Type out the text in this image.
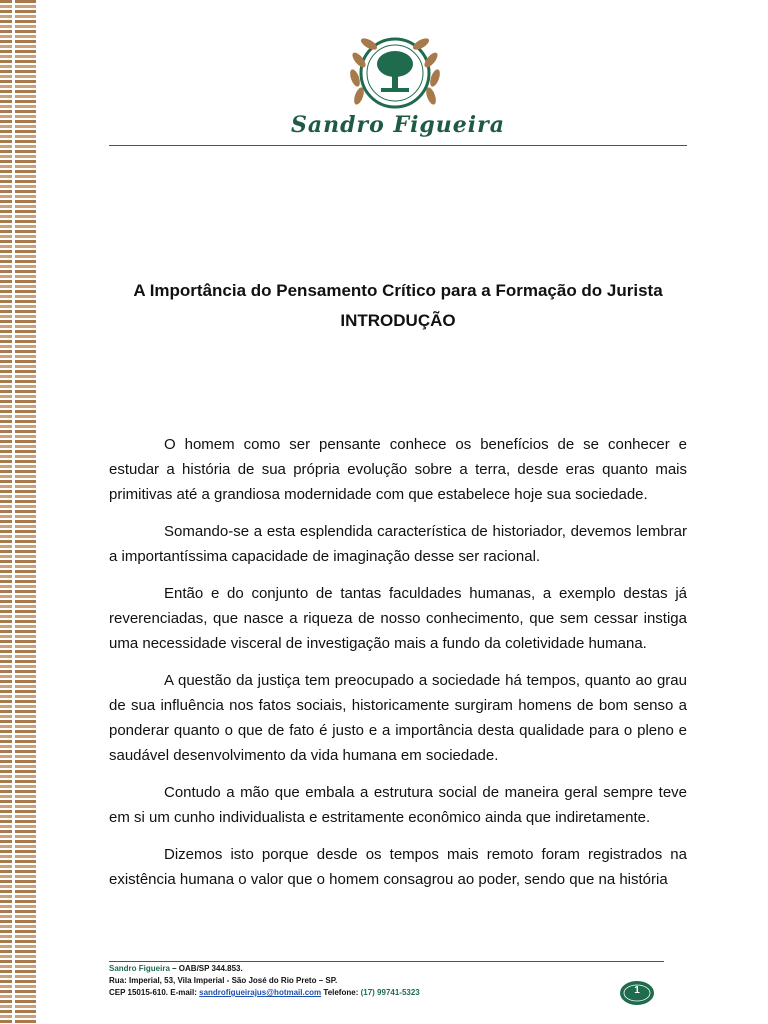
Sandro Figueira
A Importância do Pensamento Crítico para a Formação do Jurista
INTRODUÇÃO

O homem como ser pensante conhece os benefícios de se conhecer e estudar a história de sua própria evolução sobre a terra, desde eras quanto mais primitivas até a grandiosa modernidade com que estabelece hoje sua sociedade.

Somando-se a esta esplendida característica de historiador, devemos lembrar a importantíssima capacidade de imaginação desse ser racional.

Então e do conjunto de tantas faculdades humanas, a exemplo destas já reverenciadas, que nasce a riqueza de nosso conhecimento, que sem cessar instiga uma necessidade visceral de investigação mais a fundo da coletividade humana.

A questão da justiça tem preocupado a sociedade há tempos, quanto ao grau de sua influência nos fatos sociais, historicamente surgiram homens de bom senso a ponderar quanto o que de fato é justo e a importância desta qualidade para o pleno e saudável desenvolvimento da vida humana em sociedade.

Contudo a mão que embala a estrutura social de maneira geral sempre teve em si um cunho individualista e estritamente econômico ainda que indiretamente.

Dizemos isto porque desde os tempos mais remoto foram registrados na existência humana o valor que o homem consagrou ao poder, sendo que na história

Sandro Figueira – OAB/SP 344.853.
Rua: Imperial, 53, Vila Imperial - São José do Rio Preto – SP.
CEP 15015-610. E-mail: sandrofigueirajus@hotmail.com Telefone: (17) 99741-5323	1
